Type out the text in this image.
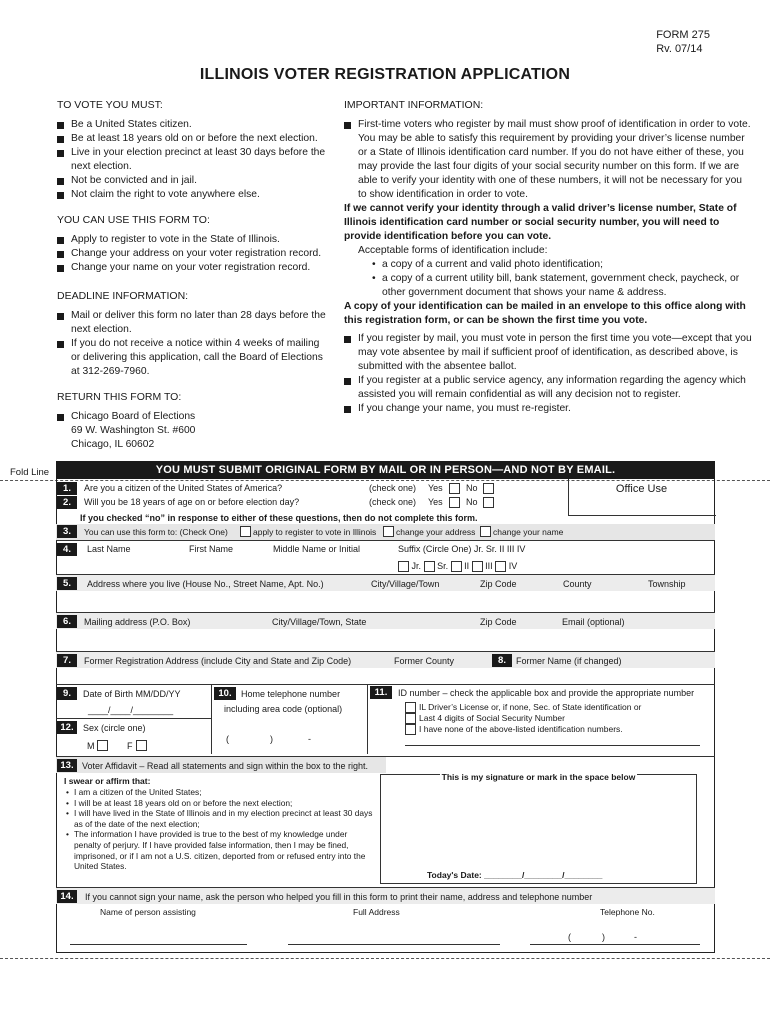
FORM 275
Rv. 07/14
ILLINOIS VOTER REGISTRATION APPLICATION
TO VOTE YOU MUST:
Be a United States citizen.
Be at least 18 years old on or before the next election.
Live in your election precinct at least 30 days before the next election.
Not be convicted and in jail.
Not claim the right to vote anywhere else.
YOU CAN USE THIS FORM TO:
Apply to register to vote in the State of Illinois.
Change your address on your voter registration record.
Change your name on your voter registration record.
DEADLINE INFORMATION:
Mail or deliver this form no later than 28 days before the next election.
If you do not receive a notice within 4 weeks of mailing or delivering this application, call the Board of Elections at 312-269-7960.
RETURN THIS FORM TO:
Chicago Board of Elections
69 W. Washington St. #600
Chicago, IL 60602
IMPORTANT INFORMATION:
First-time voters who register by mail must show proof of identification in order to vote. You may be able to satisfy this requirement by providing your driver’s license number or a State of Illinois identification card number. If you do not have either of these, you may provide the last four digits of your social security number on this form. If we are able to verify your identity with one of these numbers, it will not be necessary for you to show identification in order to vote.
If we cannot verify your identity through a valid driver’s license number, State of Illinois identification card number or social security number, you will need to provide identification before you can vote.
Acceptable forms of identification include:
• a copy of a current and valid photo identification;
• a copy of a current utility bill, bank statement, government check, paycheck, or other government document that shows your name & address.
A copy of your identification can be mailed in an envelope to this office along with this registration form, or can be shown the first time you vote.
If you register by mail, you must vote in person the first time you vote—except that you may vote absentee by mail if sufficient proof of identification, as described above, is submitted with the absentee ballot.
If you register at a public service agency, any information regarding the agency which assisted you will remain confidential as will any decision not to register.
If you change your name, you must re-register.
Fold Line	YOU MUST SUBMIT ORIGINAL FORM BY MAIL OR IN PERSON—AND NOT BY EMAIL.
Office Use
1.	Are you a citizen of the United States of America?	(check one) Yes	No
2.	Will you be 18 years of age on or before election day?	(check one) Yes	No
If you checked “no” in response to either of these questions, then do not complete this form.
3.	You can use this form to: (Check One)	apply to register to vote in Illinois change your address change your name
4.	Last Name	First Name	Middle Name or Initial	Suffix (Circle One) Jr. Sr. II III IV
Jr. Sr. II III IV
5.	Address where you live (House No., Street Name, Apt. No.)	City/Village/Town	Zip Code	County	Township
6.	Mailing address (P.O. Box)	City/Village/Town, State	Zip Code	Email (optional)
7.	Former Registration Address (include City and State and Zip Code)	Former County	8.	Former Name (if changed)
9.	Date of Birth MM/DD/YY
____/____/________
10.	Home telephone number
including area code (optional)
(	)	-
11.	ID number – check the applicable box and provide the appropriate number
IL Driver’s License or, if none, Sec. of State identification or
Last 4 digits of Social Security Number
I have none of the above-listed identification numbers.
12.	Sex (circle one)
M	F
13. Voter Affidavit – Read all statements and sign within the box to the right.
I swear or affirm that:
• I am a citizen of the United States;
• I will be at least 18 years old on or before the next election;
• I will have lived in the State of Illinois and in my election precinct at least 30 days as of the date of the next election;
• The information I have provided is true to the best of my knowledge under penalty of perjury. If I have provided false information, then I may be fined, imprisoned, or if I am not a U.S. citizen, deported from or refused entry into the United States.
This is my signature or mark in the space below
Today's Date: ________/________/________
14.	If you cannot sign your name, ask the person who helped you fill in this form to print their name, address and telephone number
Name of person assisting	Full Address	Telephone No.
(	)	-
